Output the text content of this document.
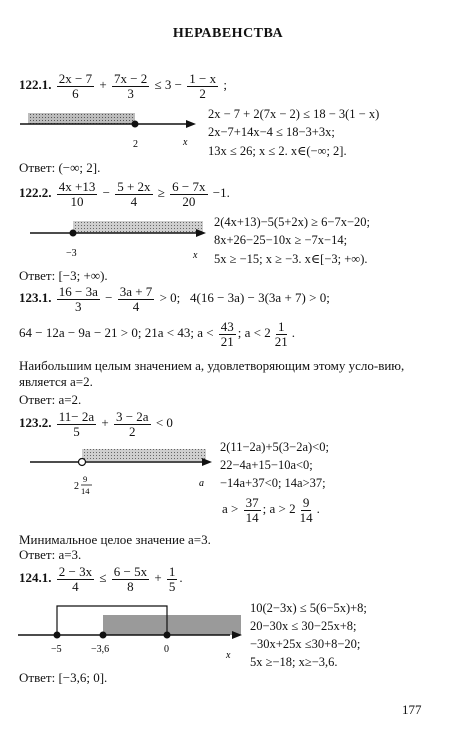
НЕРАВЕНСТВА
122.1. $\frac{2x - 7}{6} + \frac{7x - 2}{3} \le 3 - \frac{1 - x}{2}$ ;
2	x
2x − 7 + 2(7x − 2) ≤ 18 − 3(1 − x)
2x−7+14x−4 ≤ 18−3+3x;
13x ≤ 26; x ≤ 2. x∈(−∞; 2].
Ответ: (−∞; 2].
122.2. $\frac{4x +13}{10} - \frac{5 + 2x}{4} \ge \frac{6 - 7x}{20} -1$.
−3	x
2(4x+13)−5(5+2x) ≥ 6−7x−20;
8x+26−25−10x ≥ −7x−14;
5x ≥ −15; x ≥ −3. x∈[−3; +∞).
Ответ: [−3; +∞).
123.1. $\frac{16 - 3a}{3} - \frac{3a + 7}{4} > 0$; 4(16 − 3a) − 3(3a + 7) > 0;
64 − 12a − 9a − 21 > 0; 21a < 43; $a < \frac{43}{21}$ ; $a < 2 \frac{1}{21}$ .
Наибольшим целым значением a, удовлетворяющим этому усло-вию, является a=2.
Ответ: a=2.
123.2. $\frac{11- 2a}{5} + \frac{3 - 2a}{2} < 0$
2
9
14
a
2(11−2a)+5(3−2a)<0;
22−4a+15−10a<0;
−14a+37<0; 14a>37;
$a > \frac{37}{14}$ ; $a > 2 \frac{9}{14}$ .
Минимальное целое значение a=3.
Ответ: a=3.
124.1. $\frac{2 - 3x}{4} \le \frac{6 - 5x}{8} + \frac{1}{5}$ .
−5	−3,6	0
x
10(2−3x) ≤ 5(6−5x)+8;
20−30x ≤ 30−25x+8;
−30x+25x ≤30+8−20;
5x ≥−18; x≥−3,6.
Ответ: [−3,6; 0].
177
